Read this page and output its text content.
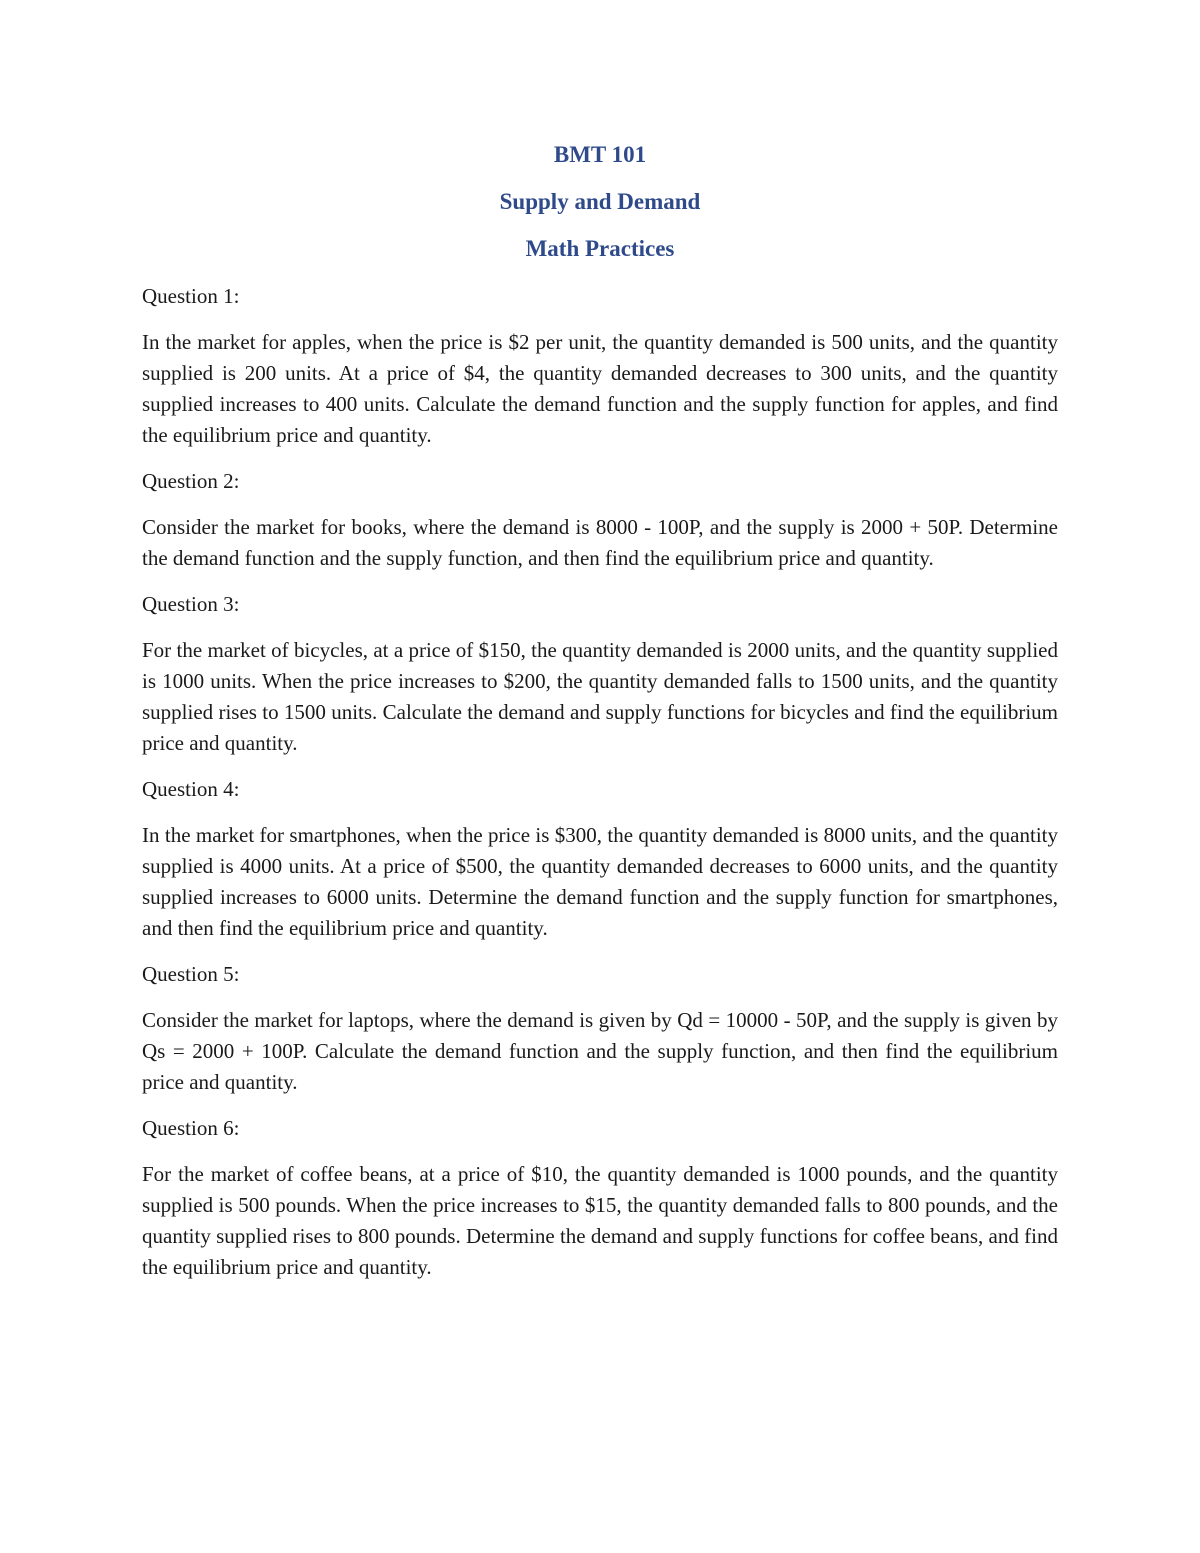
BMT 101
Supply and Demand
Math Practices

Question 1:

In the market for apples, when the price is $2 per unit, the quantity demanded is 500 units, and the quantity supplied is 200 units. At a price of $4, the quantity demanded decreases to 300 units, and the quantity supplied increases to 400 units. Calculate the demand function and the supply function for apples, and find the equilibrium price and quantity.

Question 2:

Consider the market for books, where the demand is 8000 - 100P, and the supply is 2000 + 50P. Determine the demand function and the supply function, and then find the equilibrium price and quantity.

Question 3:

For the market of bicycles, at a price of $150, the quantity demanded is 2000 units, and the quantity supplied is 1000 units. When the price increases to $200, the quantity demanded falls to 1500 units, and the quantity supplied rises to 1500 units. Calculate the demand and supply functions for bicycles and find the equilibrium price and quantity.

Question 4:

In the market for smartphones, when the price is $300, the quantity demanded is 8000 units, and the quantity supplied is 4000 units. At a price of $500, the quantity demanded decreases to 6000 units, and the quantity supplied increases to 6000 units. Determine the demand function and the supply function for smartphones, and then find the equilibrium price and quantity.

Question 5:

Consider the market for laptops, where the demand is given by Qd = 10000 - 50P, and the supply is given by Qs = 2000 + 100P. Calculate the demand function and the supply function, and then find the equilibrium price and quantity.

Question 6:

For the market of coffee beans, at a price of $10, the quantity demanded is 1000 pounds, and the quantity supplied is 500 pounds. When the price increases to $15, the quantity demanded falls to 800 pounds, and the quantity supplied rises to 800 pounds. Determine the demand and supply functions for coffee beans, and find the equilibrium price and quantity.
